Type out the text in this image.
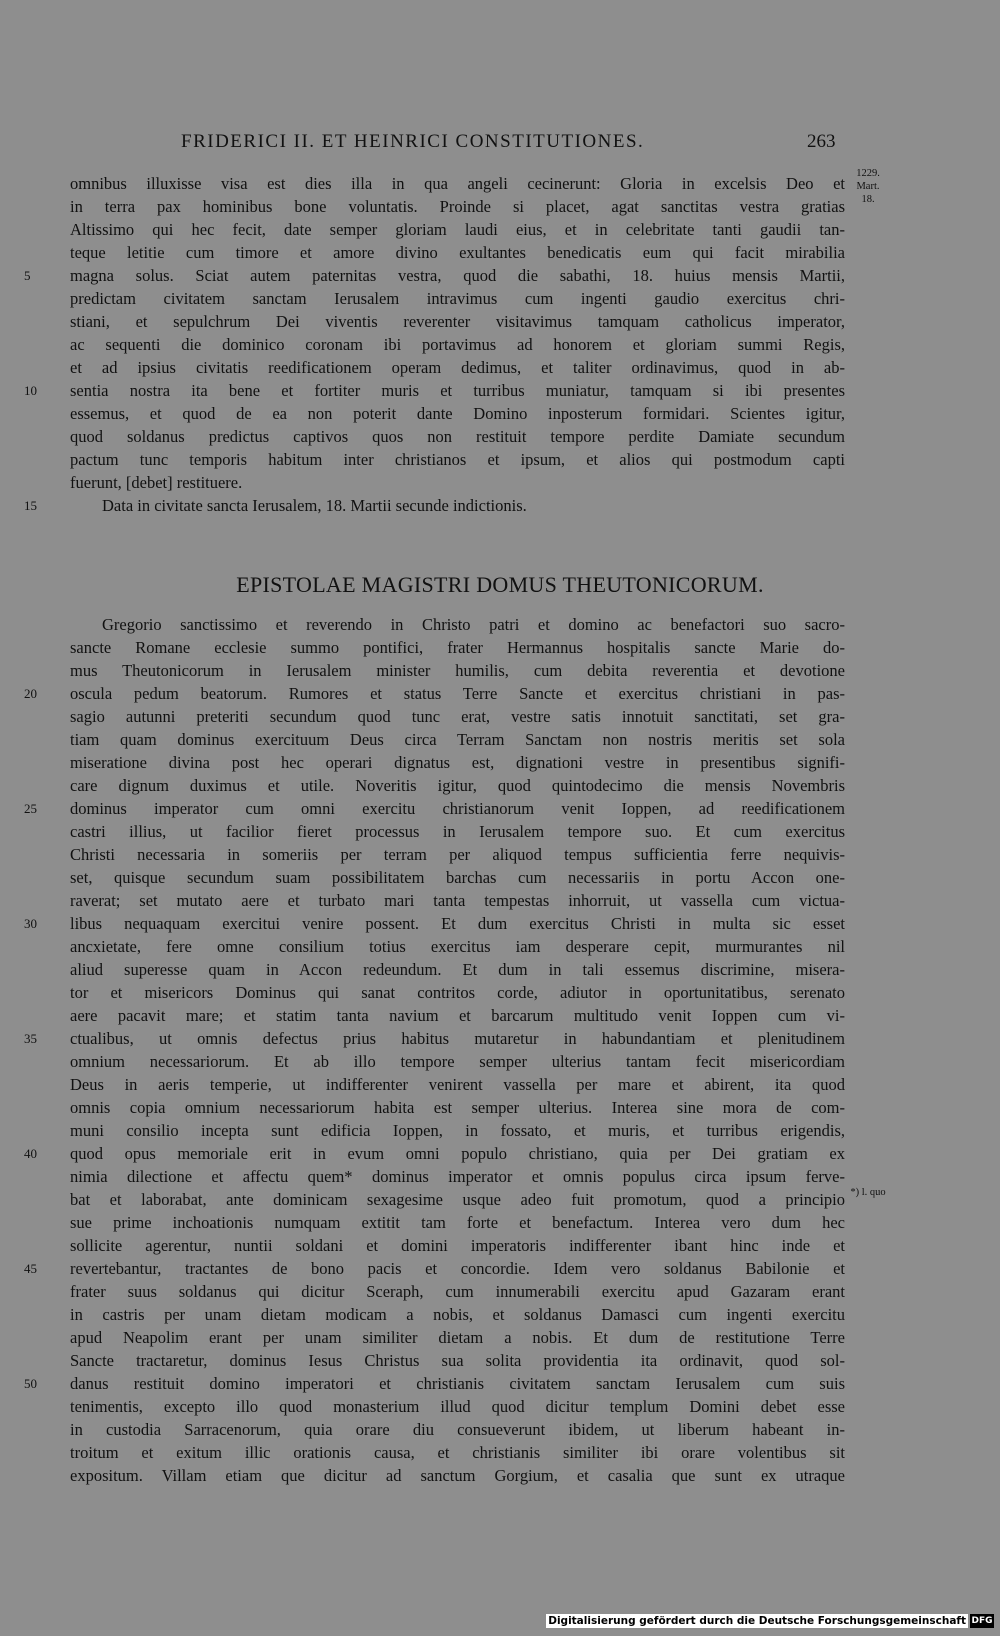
FRIDERICI II. ET HEINRICI CONSTITUTIONES.	263
1229.
Mart.
18.
*) l. quo
omnibus illuxisse visa est dies illa in qua angeli cecinerunt: Gloria in excelsis Deo et
in terra pax hominibus bone voluntatis. Proinde si placet, agat sanctitas vestra gratias
Altissimo qui hec fecit, date semper gloriam laudi eius, et in celebritate tanti gaudii tan-
teque letitie cum timore et amore divino exultantes benedicatis eum qui facit mirabilia
magna solus. Sciat autem paternitas vestra, quod die sabathi, 18. huius mensis Martii,
predictam civitatem sanctam Ierusalem intravimus cum ingenti gaudio exercitus chri-
stiani, et sepulchrum Dei viventis reverenter visitavimus tamquam catholicus imperator,
ac sequenti die dominico coronam ibi portavimus ad honorem et gloriam summi Regis,
et ad ipsius civitatis reedificationem operam dedimus, et taliter ordinavimus, quod in ab-
sentia nostra ita bene et fortiter muris et turribus muniatur, tamquam si ibi presentes
essemus, et quod de ea non poterit dante Domino inposterum formidari. Scientes igitur,
quod soldanus predictus captivos quos non restituit tempore perdite Damiate secundum
pactum tunc temporis habitum inter christianos et ipsum, et alios qui postmodum capti
fuerunt, [debet] restituere.
Data in civitate sancta Ierusalem, 18. Martii secunde indictionis.
EPISTOLAE MAGISTRI DOMUS THEUTONICORUM.
Gregorio sanctissimo et reverendo in Christo patri et domino ac benefactori suo sacro-
sancte Romane ecclesie summo pontifici, frater Hermannus hospitalis sancte Marie do-
mus Theutonicorum in Ierusalem minister humilis, cum debita reverentia et devotione
oscula pedum beatorum. Rumores et status Terre Sancte et exercitus christiani in pas-
sagio autunni preteriti secundum quod tunc erat, vestre satis innotuit sanctitati, set gra-
tiam quam dominus exercituum Deus circa Terram Sanctam non nostris meritis set sola
miseratione divina post hec operari dignatus est, dignationi vestre in presentibus signifi-
care dignum duximus et utile. Noveritis igitur, quod quintodecimo die mensis Novembris
dominus imperator cum omni exercitu christianorum venit Ioppen, ad reedificationem
castri illius, ut facilior fieret processus in Ierusalem tempore suo. Et cum exercitus
Christi necessaria in someriis per terram per aliquod tempus sufficientia ferre nequivis-
set, quisque secundum suam possibilitatem barchas cum necessariis in portu Accon one-
raverat; set mutato aere et turbato mari tanta tempestas inhorruit, ut vassella cum victua-
libus nequaquam exercitui venire possent. Et dum exercitus Christi in multa sic esset
ancxietate, fere omne consilium totius exercitus iam desperare cepit, murmurantes nil
aliud superesse quam in Accon redeundum. Et dum in tali essemus discrimine, misera-
tor et misericors Dominus qui sanat contritos corde, adiutor in oportunitatibus, serenato
aere pacavit mare; et statim tanta navium et barcarum multitudo venit Ioppen cum vi-
ctualibus, ut omnis defectus prius habitus mutaretur in habundantiam et plenitudinem
omnium necessariorum. Et ab illo tempore semper ulterius tantam fecit misericordiam
Deus in aeris temperie, ut indifferenter venirent vassella per mare et abirent, ita quod
omnis copia omnium necessariorum habita est semper ulterius. Interea sine mora de com-
muni consilio incepta sunt edificia Ioppen, in fossato, et muris, et turribus erigendis,
quod opus memoriale erit in evum omni populo christiano, quia per Dei gratiam ex
nimia dilectione et affectu quem* dominus imperator et omnis populus circa ipsum ferve-
bat et laborabat, ante dominicam sexagesime usque adeo fuit promotum, quod a principio
sue prime inchoationis numquam extitit tam forte et benefactum. Interea vero dum hec
sollicite agerentur, nuntii soldani et domini imperatoris indifferenter ibant hinc inde et
revertebantur, tractantes de bono pacis et concordie. Idem vero soldanus Babilonie et
frater suus soldanus qui dicitur Sceraph, cum innumerabili exercitu apud Gazaram erant
in castris per unam dietam modicam a nobis, et soldanus Damasci cum ingenti exercitu
apud Neapolim erant per unam similiter dietam a nobis. Et dum de restitutione Terre
Sancte tractaretur, dominus Iesus Christus sua solita providentia ita ordinavit, quod sol-
danus restituit domino imperatori et christianis civitatem sanctam Ierusalem cum suis
tenimentis, excepto illo quod monasterium illud quod dicitur templum Domini debet esse
in custodia Sarracenorum, quia orare diu consueverunt ibidem, ut liberum habeant in-
troitum et exitum illic orationis causa, et christianis similiter ibi orare volentibus sit
expositum. Villam etiam que dicitur ad sanctum Gorgium, et casalia que sunt ex utraque
5
10
15
20
25
30
35
40
45
50
Digitalisierung gefördert durch die Deutsche Forschungsgemeinschaft DFG
